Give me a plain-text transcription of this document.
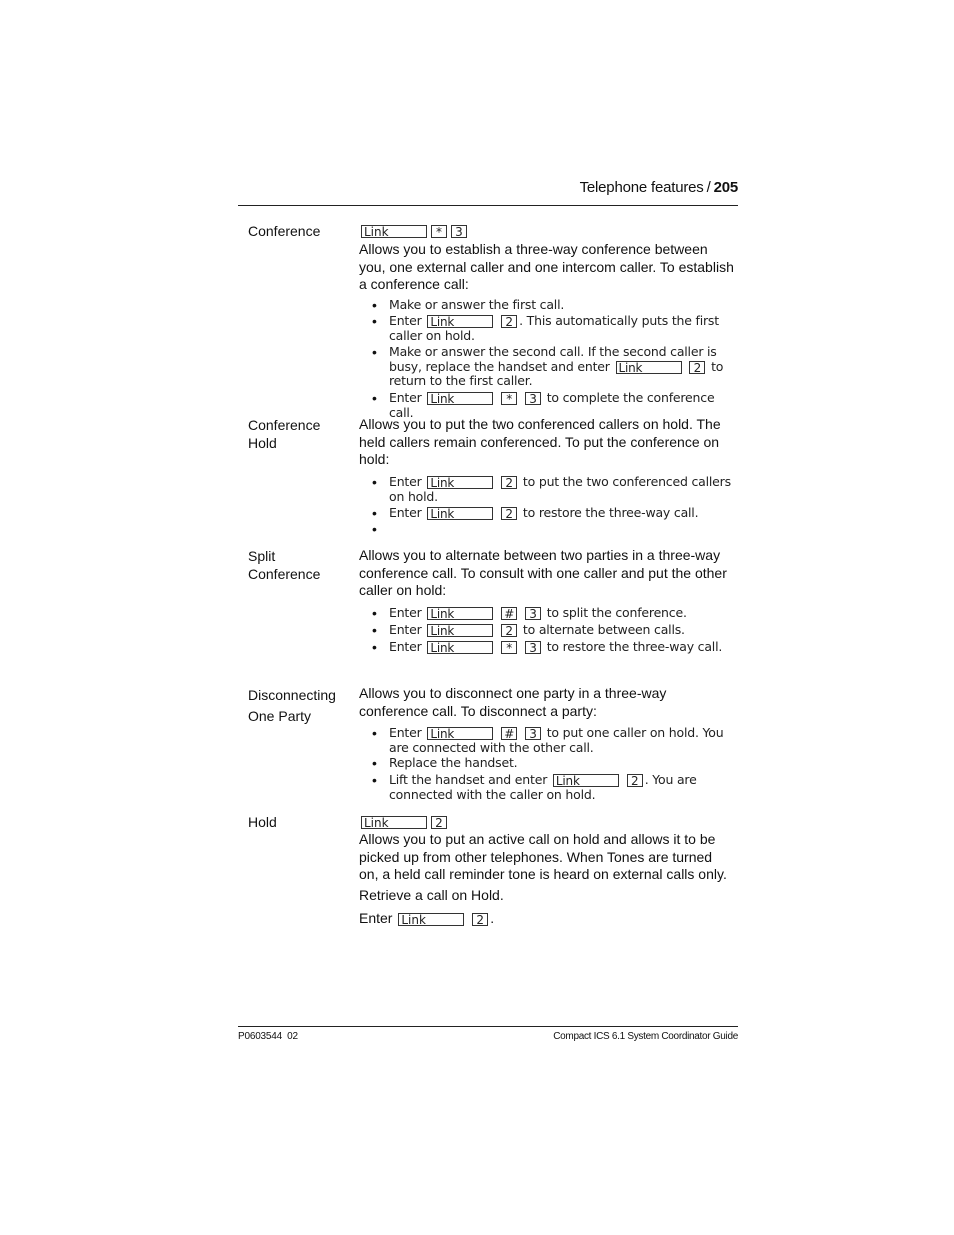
Telephone features / 205
Conference	Link	* 3
Allows you to establish a three-way conference between you, one external caller and one intercom caller. To establish a conference call:
• Make or answer the first call.
• Enter Link	2 . This automatically puts the first caller on hold.
• Make or answer the second call. If the second caller is busy, replace the handset and enter Link	2 to return to the first caller.
• Enter Link	* 3 to complete the conference call.
Conference
Hold
Allows you to put the two conferenced callers on hold. The held callers remain conferenced. To put the conference on hold:
• Enter Link	2 to put the two conferenced callers on hold.
• Enter Link	2 to restore the three-way call.
•
Split
Conference
Allows you to alternate between two parties in a three-way conference call. To consult with one caller and put the other caller on hold:
• Enter Link	# 3 to split the conference.
• Enter Link	2 to alternate between calls.
• Enter Link	* 3 to restore the three-way call.
Disconnecting
One Party
Allows you to disconnect one party in a three-way conference call. To disconnect a party:
• Enter Link	# 3 to put one caller on hold. You are connected with the other call.
• Replace the handset.
• Lift the handset and enter Link	2 . You are connected with the caller on hold.
Hold	Link	2
Allows you to put an active call on hold and allows it to be picked up from other telephones. When Tones are turned on, a held call reminder tone is heard on external calls only.
Retrieve a call on Hold.
Enter Link	2 .
P0603544  02	Compact ICS 6.1 System Coordinator Guide
